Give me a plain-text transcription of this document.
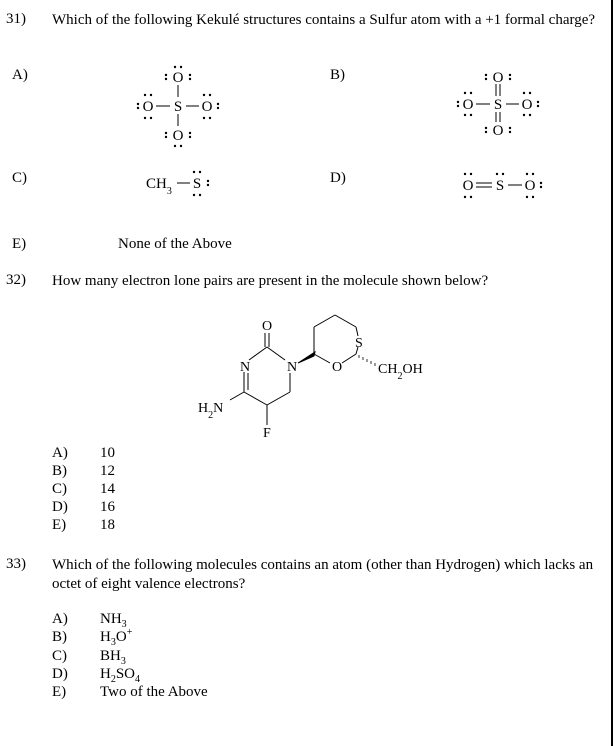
31) Which of the following Kekulé structures contains a Sulfur atom with a +1 formal charge?
A)	B)
C)	D)
E)	None of the Above
O
S
O	O
O
O
S
O	O
O
$CH_3$ S	O S O
32) How many electron lone pairs are present in the molecule shown below?
O
N	N O
S
$CH_2OH$
$H_2N$
F
A) 10
B) 12
C) 14
D) 16
E) 18
33) Which of the following molecules contains an atom (other than Hydrogen) which lacks an octet of eight valence electrons?
A) $NH_3$
B) $H_3O^+$
C) $BH_3$
D) $H_2SO_4$
E) Two of the Above
